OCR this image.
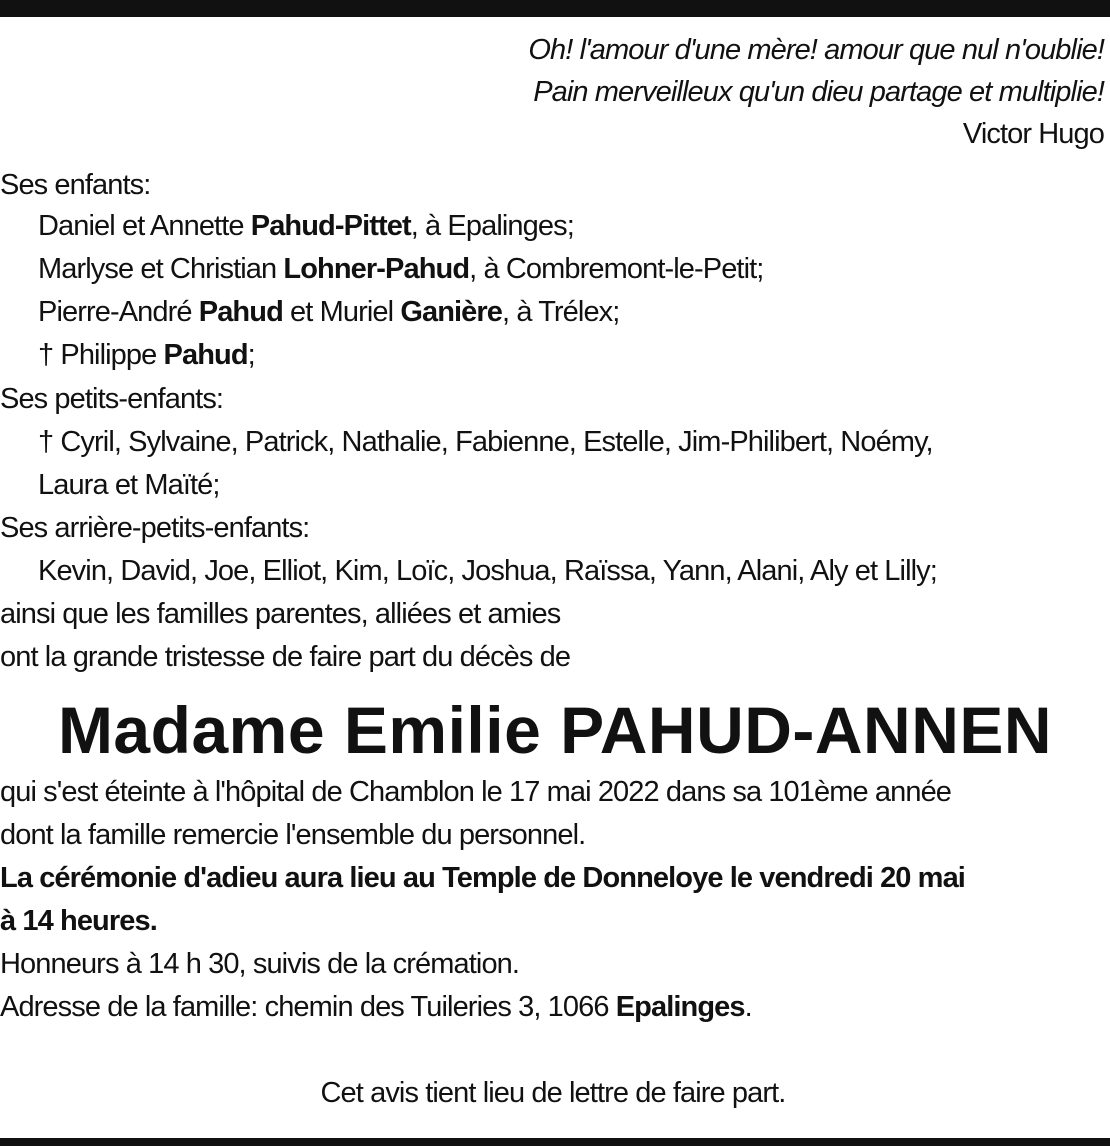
Oh! l'amour d'une mère! amour que nul n'oublie!
Pain merveilleux qu'un dieu partage et multiplie!
Victor Hugo
Ses enfants:
Daniel et Annette Pahud-Pittet, à Epalinges;
Marlyse et Christian Lohner-Pahud, à Combremont-le-Petit;
Pierre-André Pahud et Muriel Ganière, à Trélex;
† Philippe Pahud;
Ses petits-enfants:
† Cyril, Sylvaine, Patrick, Nathalie, Fabienne, Estelle, Jim-Philibert, Noémy,
Laura et Maïté;
Ses arrière-petits-enfants:
Kevin, David, Joe, Elliot, Kim, Loïc, Joshua, Raïssa, Yann, Alani, Aly et Lilly;
ainsi que les familles parentes, alliées et amies
ont la grande tristesse de faire part du décès de
Madame Emilie PAHUD-ANNEN
qui s'est éteinte à l'hôpital de Chamblon le 17 mai 2022 dans sa 101ème année
dont la famille remercie l'ensemble du personnel.
La cérémonie d'adieu aura lieu au Temple de Donneloye le vendredi 20 mai
à 14 heures.
Honneurs à 14 h 30, suivis de la crémation.
Adresse de la famille: chemin des Tuileries 3, 1066 Epalinges.
Cet avis tient lieu de lettre de faire part.
